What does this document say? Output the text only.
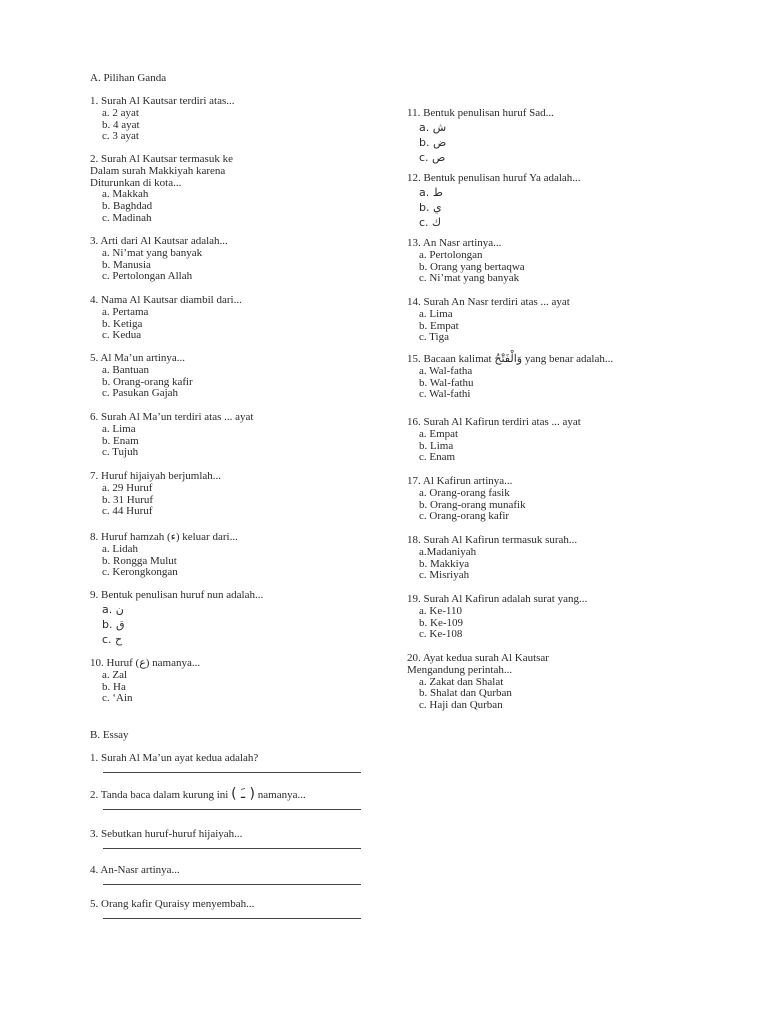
A. Pilihan Ganda
1. Surah Al Kautsar terdiri atas...
a. 2 ayat
b. 4 ayat
c. 3 ayat
2. Surah Al Kautsar termasuk ke
Dalam surah Makkiyah karena
Diturunkan di kota...
a. Makkah
b. Baghdad
c. Madinah
3. Arti dari Al Kautsar adalah...
a. Ni’mat yang banyak
b. Manusia
c. Pertolongan Allah
4. Nama Al Kautsar diambil dari...
a. Pertama
b. Ketiga
c. Kedua
5. Al Ma’un artinya...
a. Bantuan
b. Orang-orang kafir
c. Pasukan Gajah
6. Surah Al Ma’un terdiri atas ... ayat
a. Lima
b. Enam
c. Tujuh
7. Huruf hijaiyah berjumlah...
a. 29 Huruf
b. 31 Huruf
c. 44 Huruf
8. Huruf hamzah (ء) keluar dari...
a. Lidah
b. Rongga Mulut
c. Kerongkongan
9. Bentuk penulisan huruf nun adalah...
a. ن
b. ق
c. ح
10. Huruf (ع) namanya...
a. Zal
b. Ha
c. ‘Ain
11. Bentuk penulisan huruf Sad...
a. ش
b. ض
c. ص
12. Bentuk penulisan huruf Ya adalah...
a. ط
b. ي
c. ك
13. An Nasr artinya...
a. Pertolongan
b. Orang yang bertaqwa
c. Ni’mat yang banyak
14. Surah An Nasr terdiri atas ... ayat
a. Lima
b. Empat
c. Tiga
15. Bacaan kalimat وَالْفَتْحُ yang benar adalah...
a. Wal-fatha
b. Wal-fathu
c. Wal-fathi
16. Surah Al Kafirun terdiri atas ... ayat
a. Empat
b. Lima
c. Enam
17. Al Kafirun artinya...
a. Orang-orang fasik
b. Orang-orang munafik
c. Orang-orang kafir
18. Surah Al Kafirun termasuk surah...
a.Madaniyah
b. Makkiya
c. Misriyah
19. Surah Al Kafirun adalah surat yang...
a. Ke-110
b. Ke-109
c. Ke-108
20. Ayat kedua surah Al Kautsar
Mengandung perintah...
a. Zakat dan Shalat
b. Shalat dan Qurban
c. Haji dan Qurban
B. Essay
1. Surah Al Ma’un ayat kedua adalah?
2. Tanda baca dalam kurung ini ( ـَ ) namanya...
3. Sebutkan huruf-huruf hijaiyah...
4. An-Nasr artinya...
5. Orang kafir Quraisy menyembah...
